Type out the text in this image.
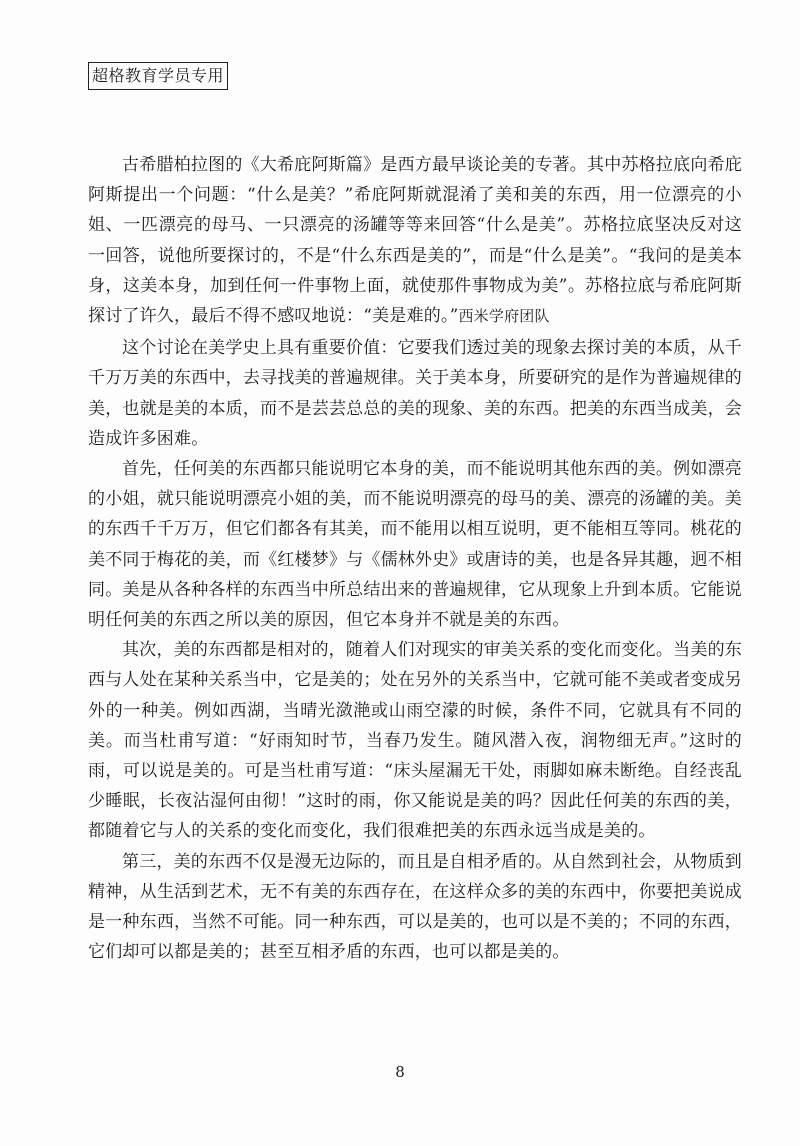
超格教育学员专用

古希腊柏拉图的《大希庇阿斯篇》是西方最早谈论美的专著。其中苏格拉底向希庇阿斯提出一个问题：“什么是美？”希庇阿斯就混淆了美和美的东西，用一位漂亮的小姐、一匹漂亮的母马、一只漂亮的汤罐等等来回答“什么是美”。苏格拉底坚决反对这一回答，说他所要探讨的，不是“什么东西是美的”，而是“什么是美”。“我问的是美本身，这美本身，加到任何一件事物上面，就使那件事物成为美”。苏格拉底与希庇阿斯探讨了许久，最后不得不感叹地说：“美是难的。”西米学府团队

这个讨论在美学史上具有重要价值：它要我们透过美的现象去探讨美的本质，从千千万万美的东西中，去寻找美的普遍规律。关于美本身，所要研究的是作为普遍规律的美，也就是美的本质，而不是芸芸总总的美的现象、美的东西。把美的东西当成美，会造成许多困难。

首先，任何美的东西都只能说明它本身的美，而不能说明其他东西的美。例如漂亮的小姐，就只能说明漂亮小姐的美，而不能说明漂亮的母马的美、漂亮的汤罐的美。美的东西千千万万，但它们都各有其美，而不能用以相互说明，更不能相互等同。桃花的美不同于梅花的美，而《红楼梦》与《儒林外史》或唐诗的美，也是各异其趣，迥不相同。美是从各种各样的东西当中所总结出来的普遍规律，它从现象上升到本质。它能说明任何美的东西之所以美的原因，但它本身并不就是美的东西。

其次，美的东西都是相对的，随着人们对现实的审美关系的变化而变化。当美的东西与人处在某种关系当中，它是美的；处在另外的关系当中，它就可能不美或者变成另外的一种美。例如西湖，当晴光潋滟或山雨空濛的时候，条件不同，它就具有不同的美。而当杜甫写道：“好雨知时节，当春乃发生。随风潜入夜，润物细无声。”这时的雨，可以说是美的。可是当杜甫写道：“床头屋漏无干处，雨脚如麻未断绝。自经丧乱少睡眠，长夜沾湿何由彻！”这时的雨，你又能说是美的吗？因此任何美的东西的美，都随着它与人的关系的变化而变化，我们很难把美的东西永远当成是美的。

第三，美的东西不仅是漫无边际的，而且是自相矛盾的。从自然到社会，从物质到精神，从生活到艺术，无不有美的东西存在，在这样众多的美的东西中，你要把美说成是一种东西，当然不可能。同一种东西，可以是美的，也可以是不美的；不同的东西，它们却可以都是美的；甚至互相矛盾的东西，也可以都是美的。

8
